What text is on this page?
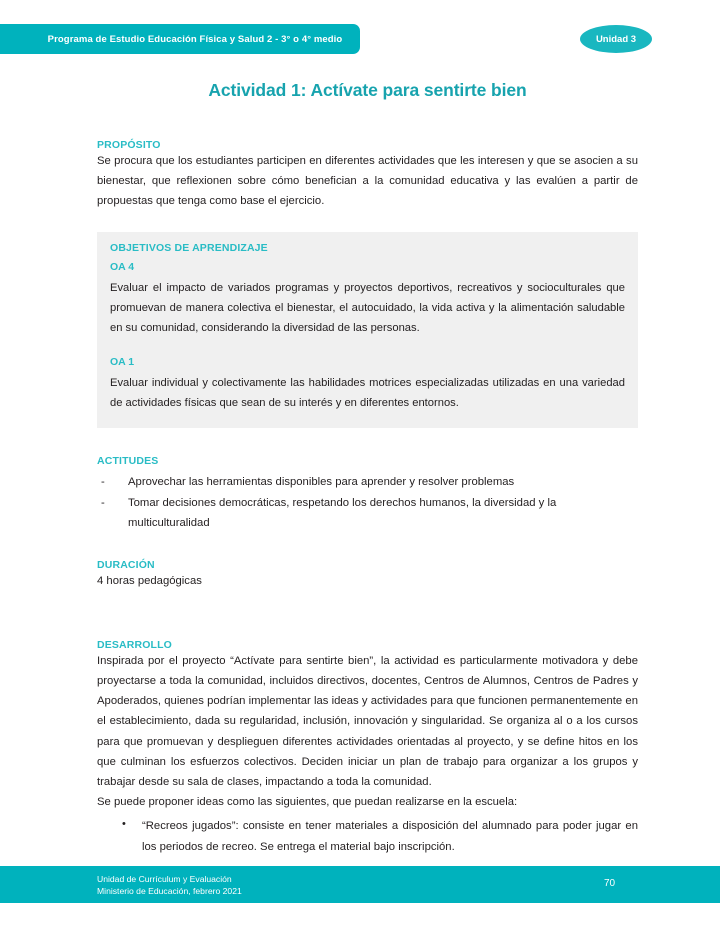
Programa de Estudio Educación Física y Salud 2 - 3° o 4° medio	Unidad 3
Actividad 1: Actívate para sentirte bien
PROPÓSITO

Se procura que los estudiantes participen en diferentes actividades que les interesen y que se asocien a su bienestar, que reflexionen sobre cómo benefician a la comunidad educativa y las evalúen a partir de propuestas que tenga como base el ejercicio.

OBJETIVOS DE APRENDIZAJE
OA 4

Evaluar el impacto de variados programas y proyectos deportivos, recreativos y socioculturales que promuevan de manera colectiva el bienestar, el autocuidado, la vida activa y la alimentación saludable en su comunidad, considerando la diversidad de las personas.

OA 1

Evaluar individual y colectivamente las habilidades motrices especializadas utilizadas en una variedad de actividades físicas que sean de su interés y en diferentes entornos.

ACTITUDES
- Aprovechar las herramientas disponibles para aprender y resolver problemas
- Tomar decisiones democráticas, respetando los derechos humanos, la diversidad y la multiculturalidad
DURACIÓN

4 horas pedagógicas

DESARROLLO

Inspirada por el proyecto “Actívate para sentirte bien”, la actividad es particularmente motivadora y debe proyectarse a toda la comunidad, incluidos directivos, docentes, Centros de Alumnos, Centros de Padres y Apoderados, quienes podrían implementar las ideas y actividades para que funcionen permanentemente en el establecimiento, dada su regularidad, inclusión, innovación y singularidad. Se organiza al o a los cursos para que promuevan y desplieguen diferentes actividades orientadas al proyecto, y se define hitos en los que culminan los esfuerzos colectivos. Deciden iniciar un plan de trabajo para organizar a los grupos y trabajar desde su sala de clases, impactando a toda la comunidad.

Se puede proponer ideas como las siguientes, que puedan realizarse en la escuela:

• “Recreos jugados”: consiste en tener materiales a disposición del alumnado para poder jugar en los periodos de recreo. Se entrega el material bajo inscripción.
Unidad de Currículum y Evaluación
Ministerio de Educación, febrero 2021
70
